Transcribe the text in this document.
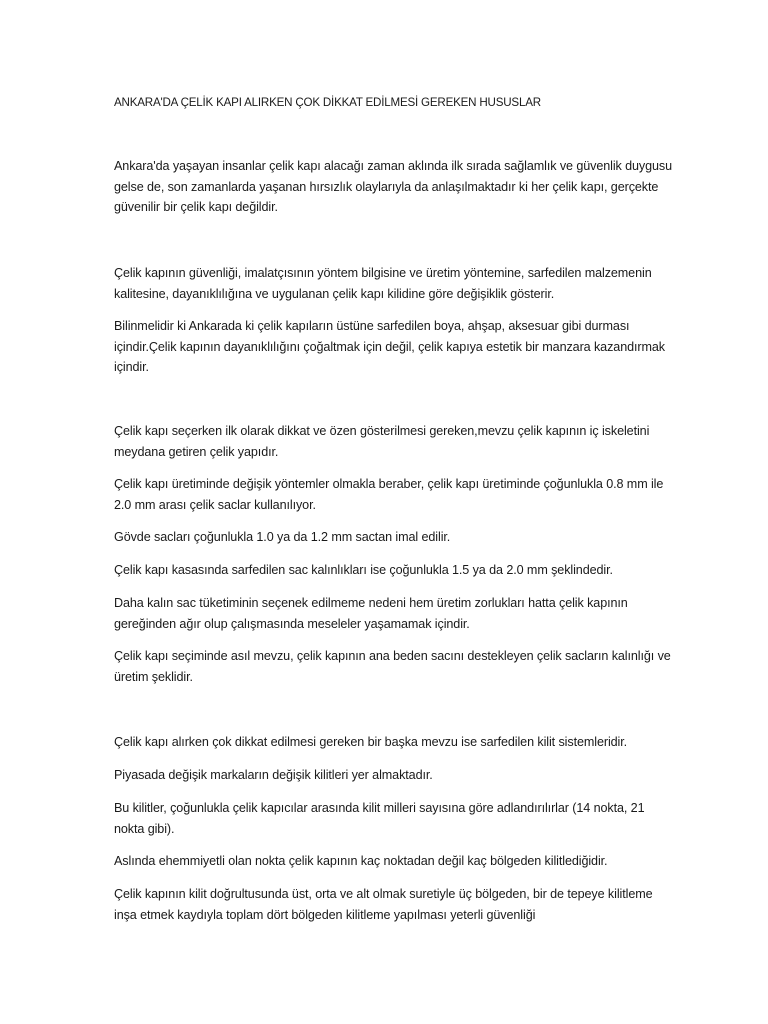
ANKARA'DA ÇELİK KAPI ALIRKEN ÇOK DİKKAT EDİLMESİ GEREKEN HUSUSLAR
Ankara'da yaşayan insanlar çelik kapı alacağı zaman aklında ilk sırada sağlamlık ve güvenlik duygusu gelse de, son zamanlarda yaşanan hırsızlık olaylarıyla da anlaşılmaktadır ki her çelik kapı, gerçekte güvenilir bir çelik kapı değildir.
Çelik kapının güvenliği, imalatçısının yöntem bilgisine ve üretim yöntemine, sarfedilen malzemenin kalitesine, dayanıklılığına ve uygulanan çelik kapı kilidine göre değişiklik gösterir.
Bilinmelidir ki Ankarada ki çelik kapıların üstüne sarfedilen boya, ahşap, aksesuar gibi durması içindir.Çelik kapının dayanıklılığını çoğaltmak için değil, çelik kapıya estetik bir manzara kazandırmak içindir.
Çelik kapı seçerken ilk olarak dikkat ve özen gösterilmesi gereken,mevzu çelik kapının iç iskeletini meydana getiren çelik yapıdır.
Çelik kapı üretiminde değişik yöntemler olmakla beraber, çelik kapı üretiminde çoğunlukla 0.8 mm ile 2.0 mm arası çelik saclar kullanılıyor.
Gövde sacları çoğunlukla 1.0 ya da 1.2 mm sactan imal edilir.
Çelik kapı kasasında sarfedilen sac kalınlıkları ise çoğunlukla 1.5 ya da 2.0 mm şeklindedir.
Daha kalın sac tüketiminin seçenek edilmeme nedeni hem üretim zorlukları hatta çelik kapının gereğinden ağır olup çalışmasında meseleler yaşamamak içindir.
Çelik kapı seçiminde asıl mevzu, çelik kapının ana beden sacını destekleyen çelik sacların kalınlığı ve üretim şeklidir.
Çelik kapı alırken çok dikkat edilmesi gereken bir başka mevzu ise sarfedilen kilit sistemleridir.
Piyasada değişik markaların değişik kilitleri yer almaktadır.
Bu kilitler, çoğunlukla çelik kapıcılar arasında kilit milleri sayısına göre adlandırılırlar (14 nokta, 21 nokta gibi).
Aslında ehemmiyetli olan nokta çelik kapının kaç noktadan değil kaç bölgeden kilitlediğidir.
Çelik kapının kilit doğrultusunda üst, orta ve alt olmak suretiyle üç bölgeden, bir de tepeye kilitleme inşa etmek kaydıyla toplam dört bölgeden kilitleme yapılması yeterli güvenliği
